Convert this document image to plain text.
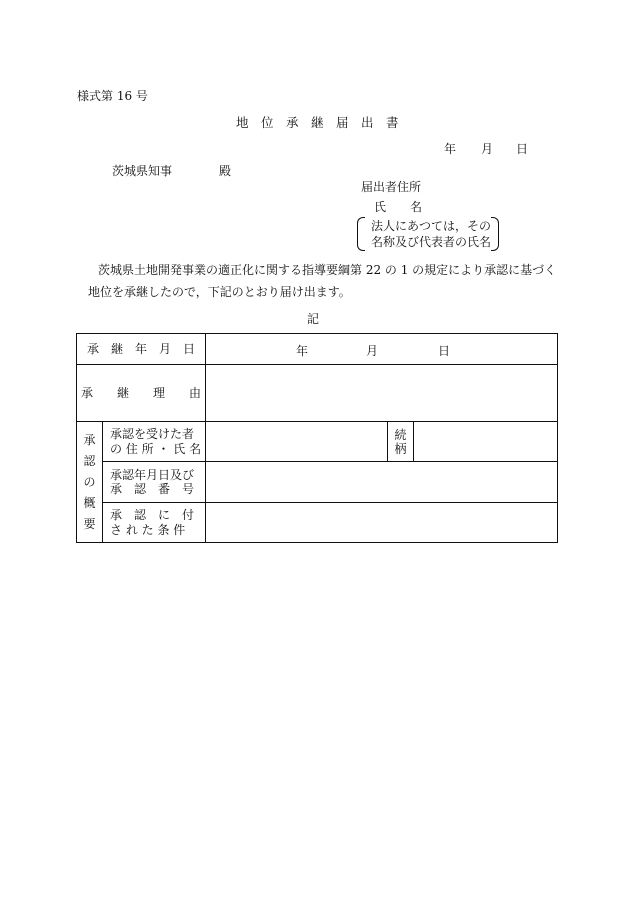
様式第 16 号
地　位　承　継　届　出　書
年 月 日
茨城県知事	殿
届出者住所
氏　　名
法人にあつては，その
名称及び代表者の氏名
茨城県土地開発事業の適正化に関する指導要綱第 22 の 1 の規定により承認に基づく
地位を承継したので，下記のとおり届け出ます。
記
承　継　年　月　日		年 月 日		

承　　継　　理　　由				

承認の概要	承認を受けた者
の 住 所 ・ 氏 名		続柄	

	承認年月日及び
承　認　番　号			

	承　認　に　付
さ れ た 条 件			
